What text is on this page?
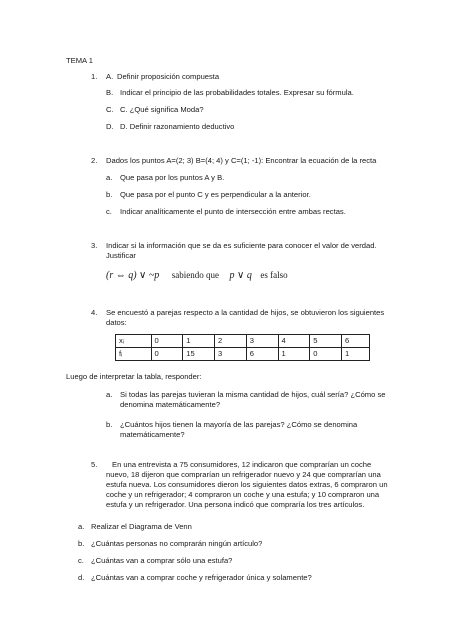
TEMA 1
1. A. Definir proposición compuesta
B. Indicar el principio de las probabilidades totales. Expresar su fórmula.
C. C. ¿Qué significa Moda?
D. D. Definir razonamiento deductivo
2. Dados los puntos A=(2; 3) B=(4; 4) y C=(1; -1): Encontrar la ecuación de la recta
a. Que pasa por los puntos A y B.
b. Que pasa por el punto C y es perpendicular a la anterior.
c. Indicar analíticamente el punto de intersección entre ambas rectas.
3. Indicar si la información que se da es suficiente para conocer el valor de verdad. Justificar
(r ⇔ q) ∨ ~p sabiendo que p ∨ q es falso
4. Se encuestó a parejas respecto a la cantidad de hijos, se obtuvieron los siguientes datos:
xᵢ	0	1	2	3	4	5	6
fᵢ	0	15	3	6	1	0	1
Luego de interpretar la tabla, responder:
a. Si todas las parejas tuvieran la misma cantidad de hijos, cuál sería? ¿Cómo se denomina matemáticamente?
b. ¿Cuántos hijos tienen la mayoría de las parejas? ¿Cómo se denomina matemáticamente?
5.	En una entrevista a 75 consumidores, 12 indicaron que comprarían un coche nuevo, 18 dijeron que comprarían un refrigerador nuevo y 24 que comprarían una estufa nueva. Los consumidores dieron los siguientes datos extras, 6 compraron un coche y un refrigerador; 4 compraron un coche y una estufa; y 10 compraron una estufa y un refrigerador. Una persona indicó que compraría los tres artículos.
a. Realizar el Diagrama de Venn
b. ¿Cuántas personas no comprarán ningún artículo?
c. ¿Cuántas van a comprar sólo una estufa?
d. ¿Cuántas van a comprar coche y refrigerador única y solamente?
